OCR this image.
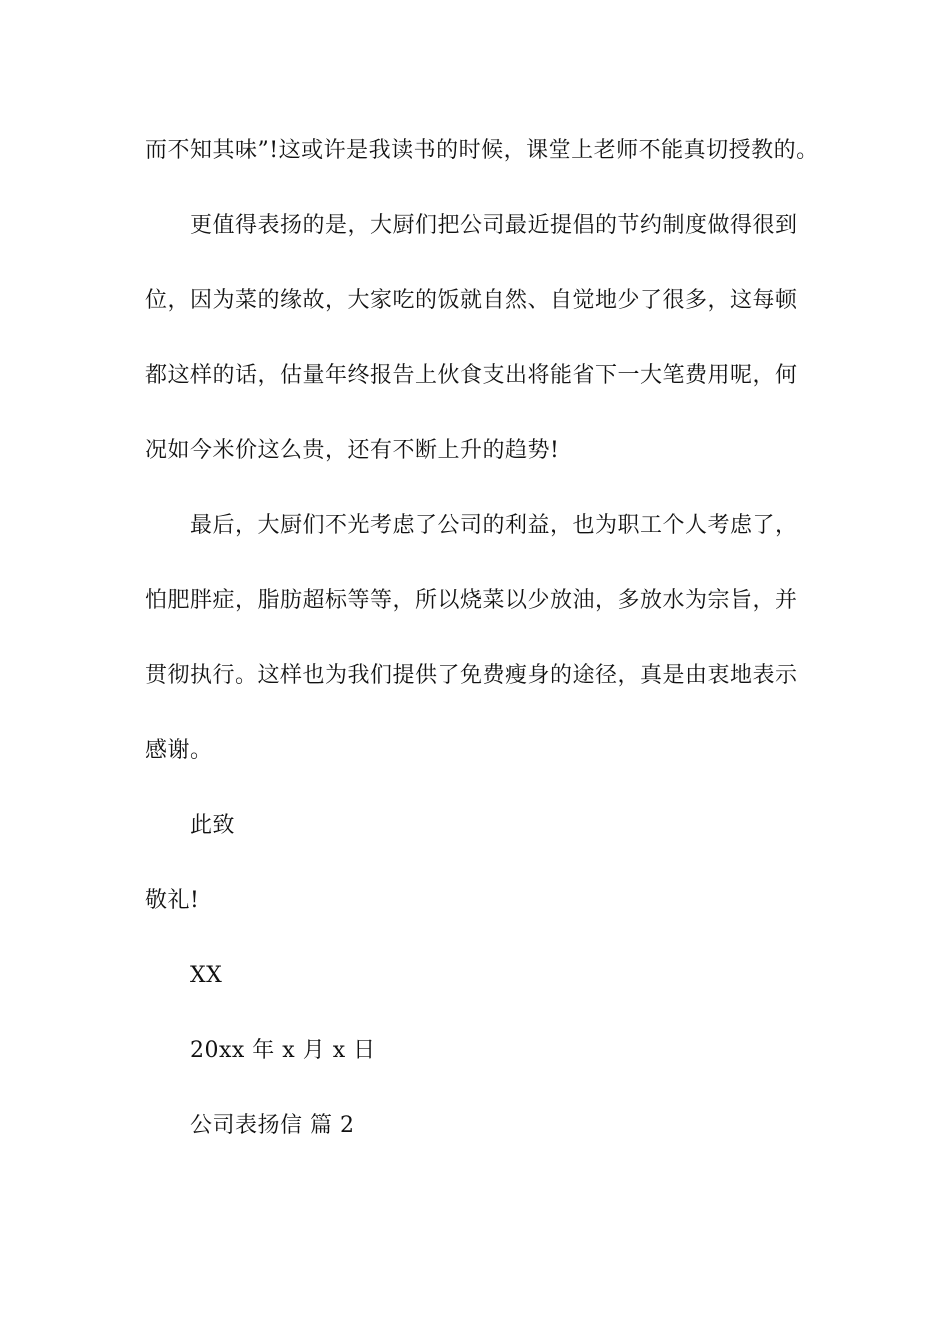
而不知其味”!这或许是我读书的时候，课堂上老师不能真切授教的。
更值得表扬的是，大厨们把公司最近提倡的节约制度做得很到
位，因为菜的缘故，大家吃的饭就自然、自觉地少了很多，这每顿
都这样的话，估量年终报告上伙食支出将能省下一大笔费用呢，何
况如今米价这么贵，还有不断上升的趋势!
最后，大厨们不光考虑了公司的利益，也为职工个人考虑了，
怕肥胖症，脂肪超标等等，所以烧菜以少放油，多放水为宗旨，并
贯彻执行。这样也为我们提供了免费瘦身的途径，真是由衷地表示
感谢。
此致
敬礼!
XX
20xx 年 x 月 x 日
公司表扬信 篇 2
